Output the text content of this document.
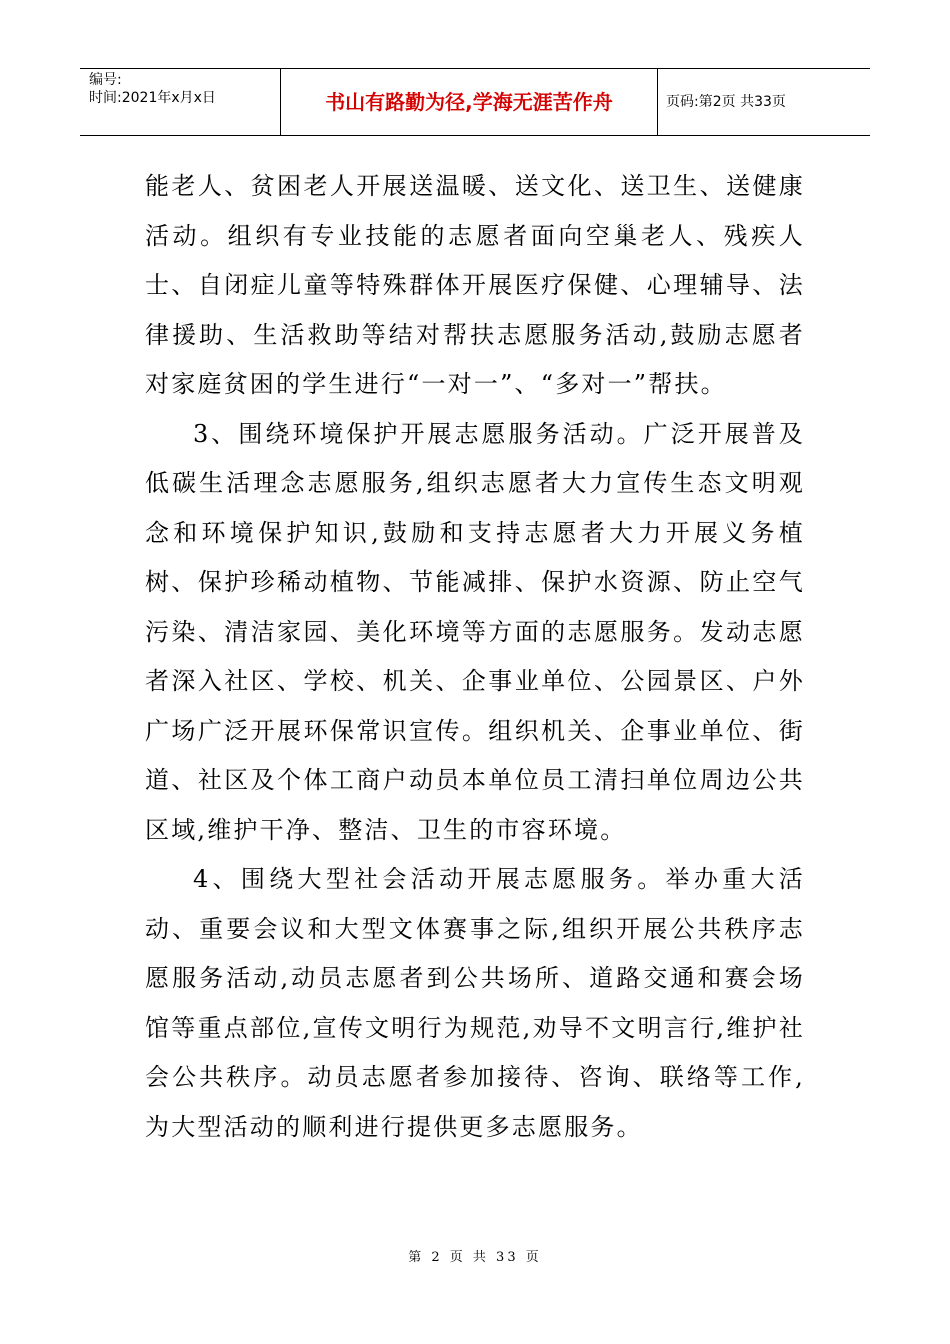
编号:
时间:2021年x月x日	书山有路勤为径,学海无涯苦作舟	页码:第2页 共33页

能老人、贫困老人开展送温暖、送文化、送卫生、送健康活动。组织有专业技能的志愿者面向空巢老人、残疾人士、自闭症儿童等特殊群体开展医疗保健、心理辅导、法律援助、生活救助等结对帮扶志愿服务活动,鼓励志愿者对家庭贫困的学生进行“一对一”、“多对一”帮扶。

3、围绕环境保护开展志愿服务活动。广泛开展普及低碳生活理念志愿服务,组织志愿者大力宣传生态文明观念和环境保护知识,鼓励和支持志愿者大力开展义务植树、保护珍稀动植物、节能减排、保护水资源、防止空气污染、清洁家园、美化环境等方面的志愿服务。发动志愿者深入社区、学校、机关、企事业单位、公园景区、户外广场广泛开展环保常识宣传。组织机关、企事业单位、街道、社区及个体工商户动员本单位员工清扫单位周边公共区域,维护干净、整洁、卫生的市容环境。

4、围绕大型社会活动开展志愿服务。举办重大活动、重要会议和大型文体赛事之际,组织开展公共秩序志愿服务活动,动员志愿者到公共场所、道路交通和赛会场馆等重点部位,宣传文明行为规范,劝导不文明言行,维护社会公共秩序。动员志愿者参加接待、咨询、联络等工作,为大型活动的顺利进行提供更多志愿服务。

第 2 页 共 33 页
